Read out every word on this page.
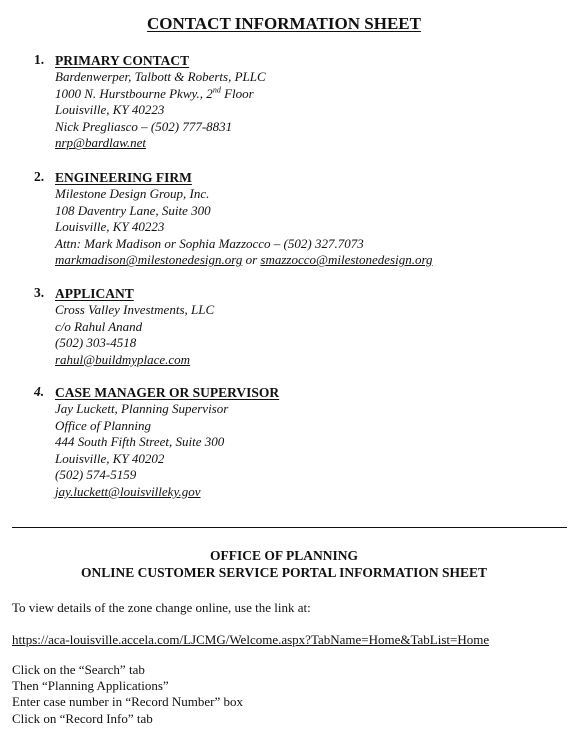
CONTACT INFORMATION SHEET
1. PRIMARY CONTACT
Bardenwerper, Talbott & Roberts, PLLC
1000 N. Hurstbourne Pkwy., 2nd Floor
Louisville, KY 40223
Nick Pregliasco – (502) 777-8831
nrp@bardlaw.net
2. ENGINEERING FIRM
Milestone Design Group, Inc.
108 Daventry Lane, Suite 300
Louisville, KY 40223
Attn: Mark Madison or Sophia Mazzocco – (502) 327.7073
markmadison@milestonedesign.org or smazzocco@milestonedesign.org
3. APPLICANT
Cross Valley Investments, LLC
c/o Rahul Anand
(502) 303-4518
rahul@buildmyplace.com
4. CASE MANAGER OR SUPERVISOR
Jay Luckett, Planning Supervisor
Office of Planning
444 South Fifth Street, Suite 300
Louisville, KY 40202
(502) 574-5159
jay.luckett@louisvilleky.gov
OFFICE OF PLANNING
ONLINE CUSTOMER SERVICE PORTAL INFORMATION SHEET
To view details of the zone change online, use the link at:
https://aca-louisville.accela.com/LJCMG/Welcome.aspx?TabName=Home&TabList=Home
Click on the “Search” tab
Then “Planning Applications”
Enter case number in “Record Number” box
Click on “Record Info” tab
